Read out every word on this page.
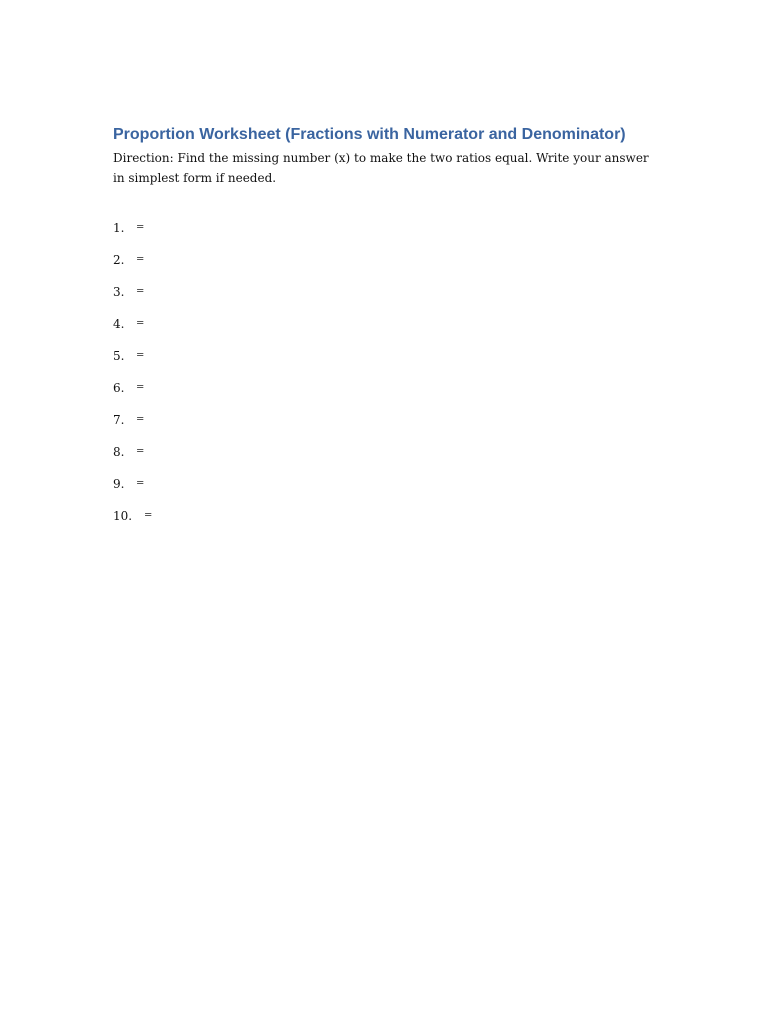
Proportion Worksheet (Fractions with Numerator and Denominator)

Direction: Find the missing number (x) to make the two ratios equal. Write your answer in simplest form if needed.

1.	=
2.	=
3.	=
4.	=
5.	=
6.	=
7.	=
8.	=
9.	=
10.	=
